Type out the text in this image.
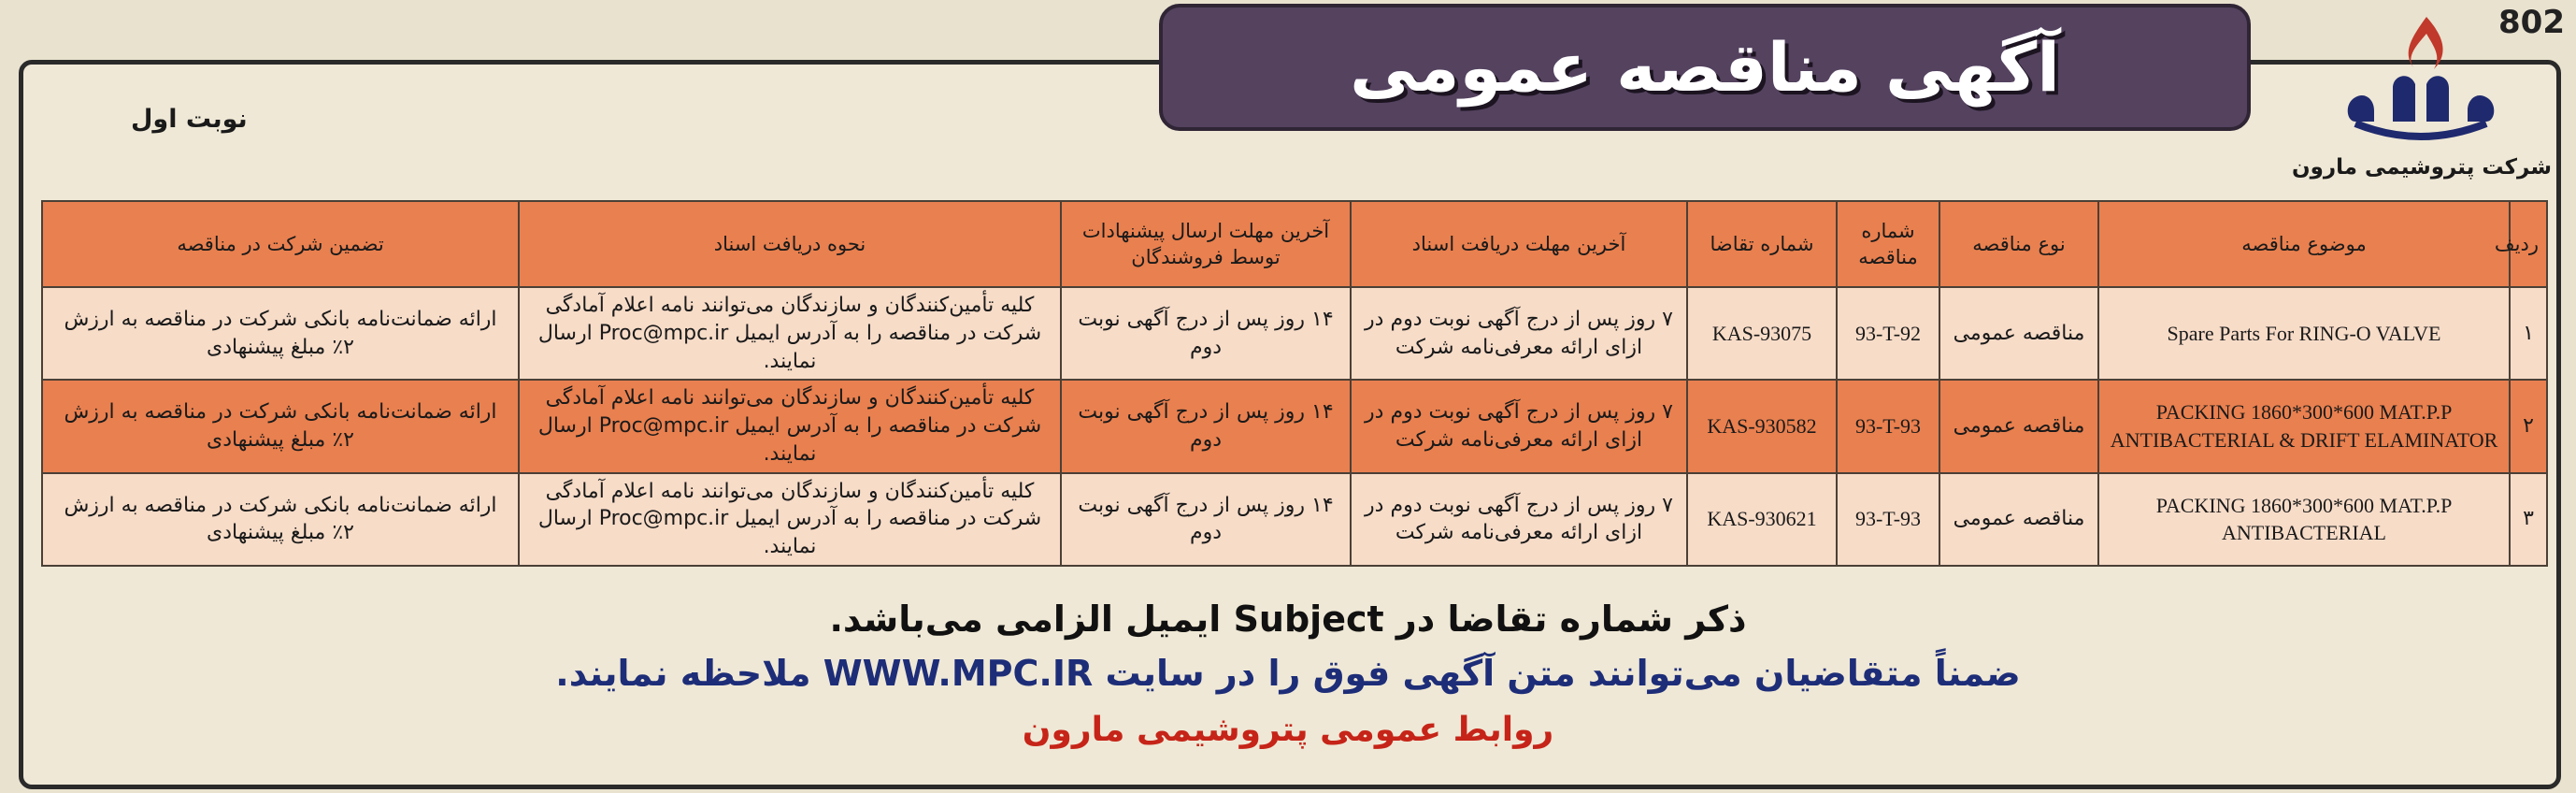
802
آگهی مناقصه عمومی
شرکت پتروشیمی مارون
نوبت اول
ردیف	موضوع مناقصه	نوع مناقصه	شماره مناقصه	شماره تقاضا	آخرین مهلت دریافت اسناد	آخرین مهلت ارسال پیشنهادات توسط فروشندگان	نحوه دریافت اسناد	تضمین شرکت در مناقصه
۱	Spare Parts For RING-O VALVE	مناقصه عمومی	93-T-92	KAS-93075	۷ روز پس از درج آگهی نوبت دوم در ازای ارائه معرفی‌نامه شرکت	۱۴ روز پس از درج آگهی نوبت دوم	کلیه تأمین‌کنندگان و سازندگان می‌توانند نامه اعلام آمادگی شرکت در مناقصه را به آدرس ایمیل Proc@mpc.ir ارسال نمایند.	ارائه ضمانت‌نامه بانکی شرکت در مناقصه به ارزش ۲٪ مبلغ پیشنهادی
۲	PACKING 1860*300*600 MAT.P.P ANTIBACTERIAL & DRIFT ELAMINATOR	مناقصه عمومی	93-T-93	KAS-930582	۷ روز پس از درج آگهی نوبت دوم در ازای ارائه معرفی‌نامه شرکت	۱۴ روز پس از درج آگهی نوبت دوم	کلیه تأمین‌کنندگان و سازندگان می‌توانند نامه اعلام آمادگی شرکت در مناقصه را به آدرس ایمیل Proc@mpc.ir ارسال نمایند.	ارائه ضمانت‌نامه بانکی شرکت در مناقصه به ارزش ۲٪ مبلغ پیشنهادی
۳	PACKING 1860*300*600 MAT.P.P ANTIBACTERIAL	مناقصه عمومی	93-T-93	KAS-930621	۷ روز پس از درج آگهی نوبت دوم در ازای ارائه معرفی‌نامه شرکت	۱۴ روز پس از درج آگهی نوبت دوم	کلیه تأمین‌کنندگان و سازندگان می‌توانند نامه اعلام آمادگی شرکت در مناقصه را به آدرس ایمیل Proc@mpc.ir ارسال نمایند.	ارائه ضمانت‌نامه بانکی شرکت در مناقصه به ارزش ۲٪ مبلغ پیشنهادی
ذکر شماره تقاضا در Subject ایمیل الزامی می‌باشد.
ضمناً متقاضیان می‌توانند متن آگهی فوق را در سایت WWW.MPC.IR ملاحظه نمایند.
روابط عمومی پتروشیمی مارون
